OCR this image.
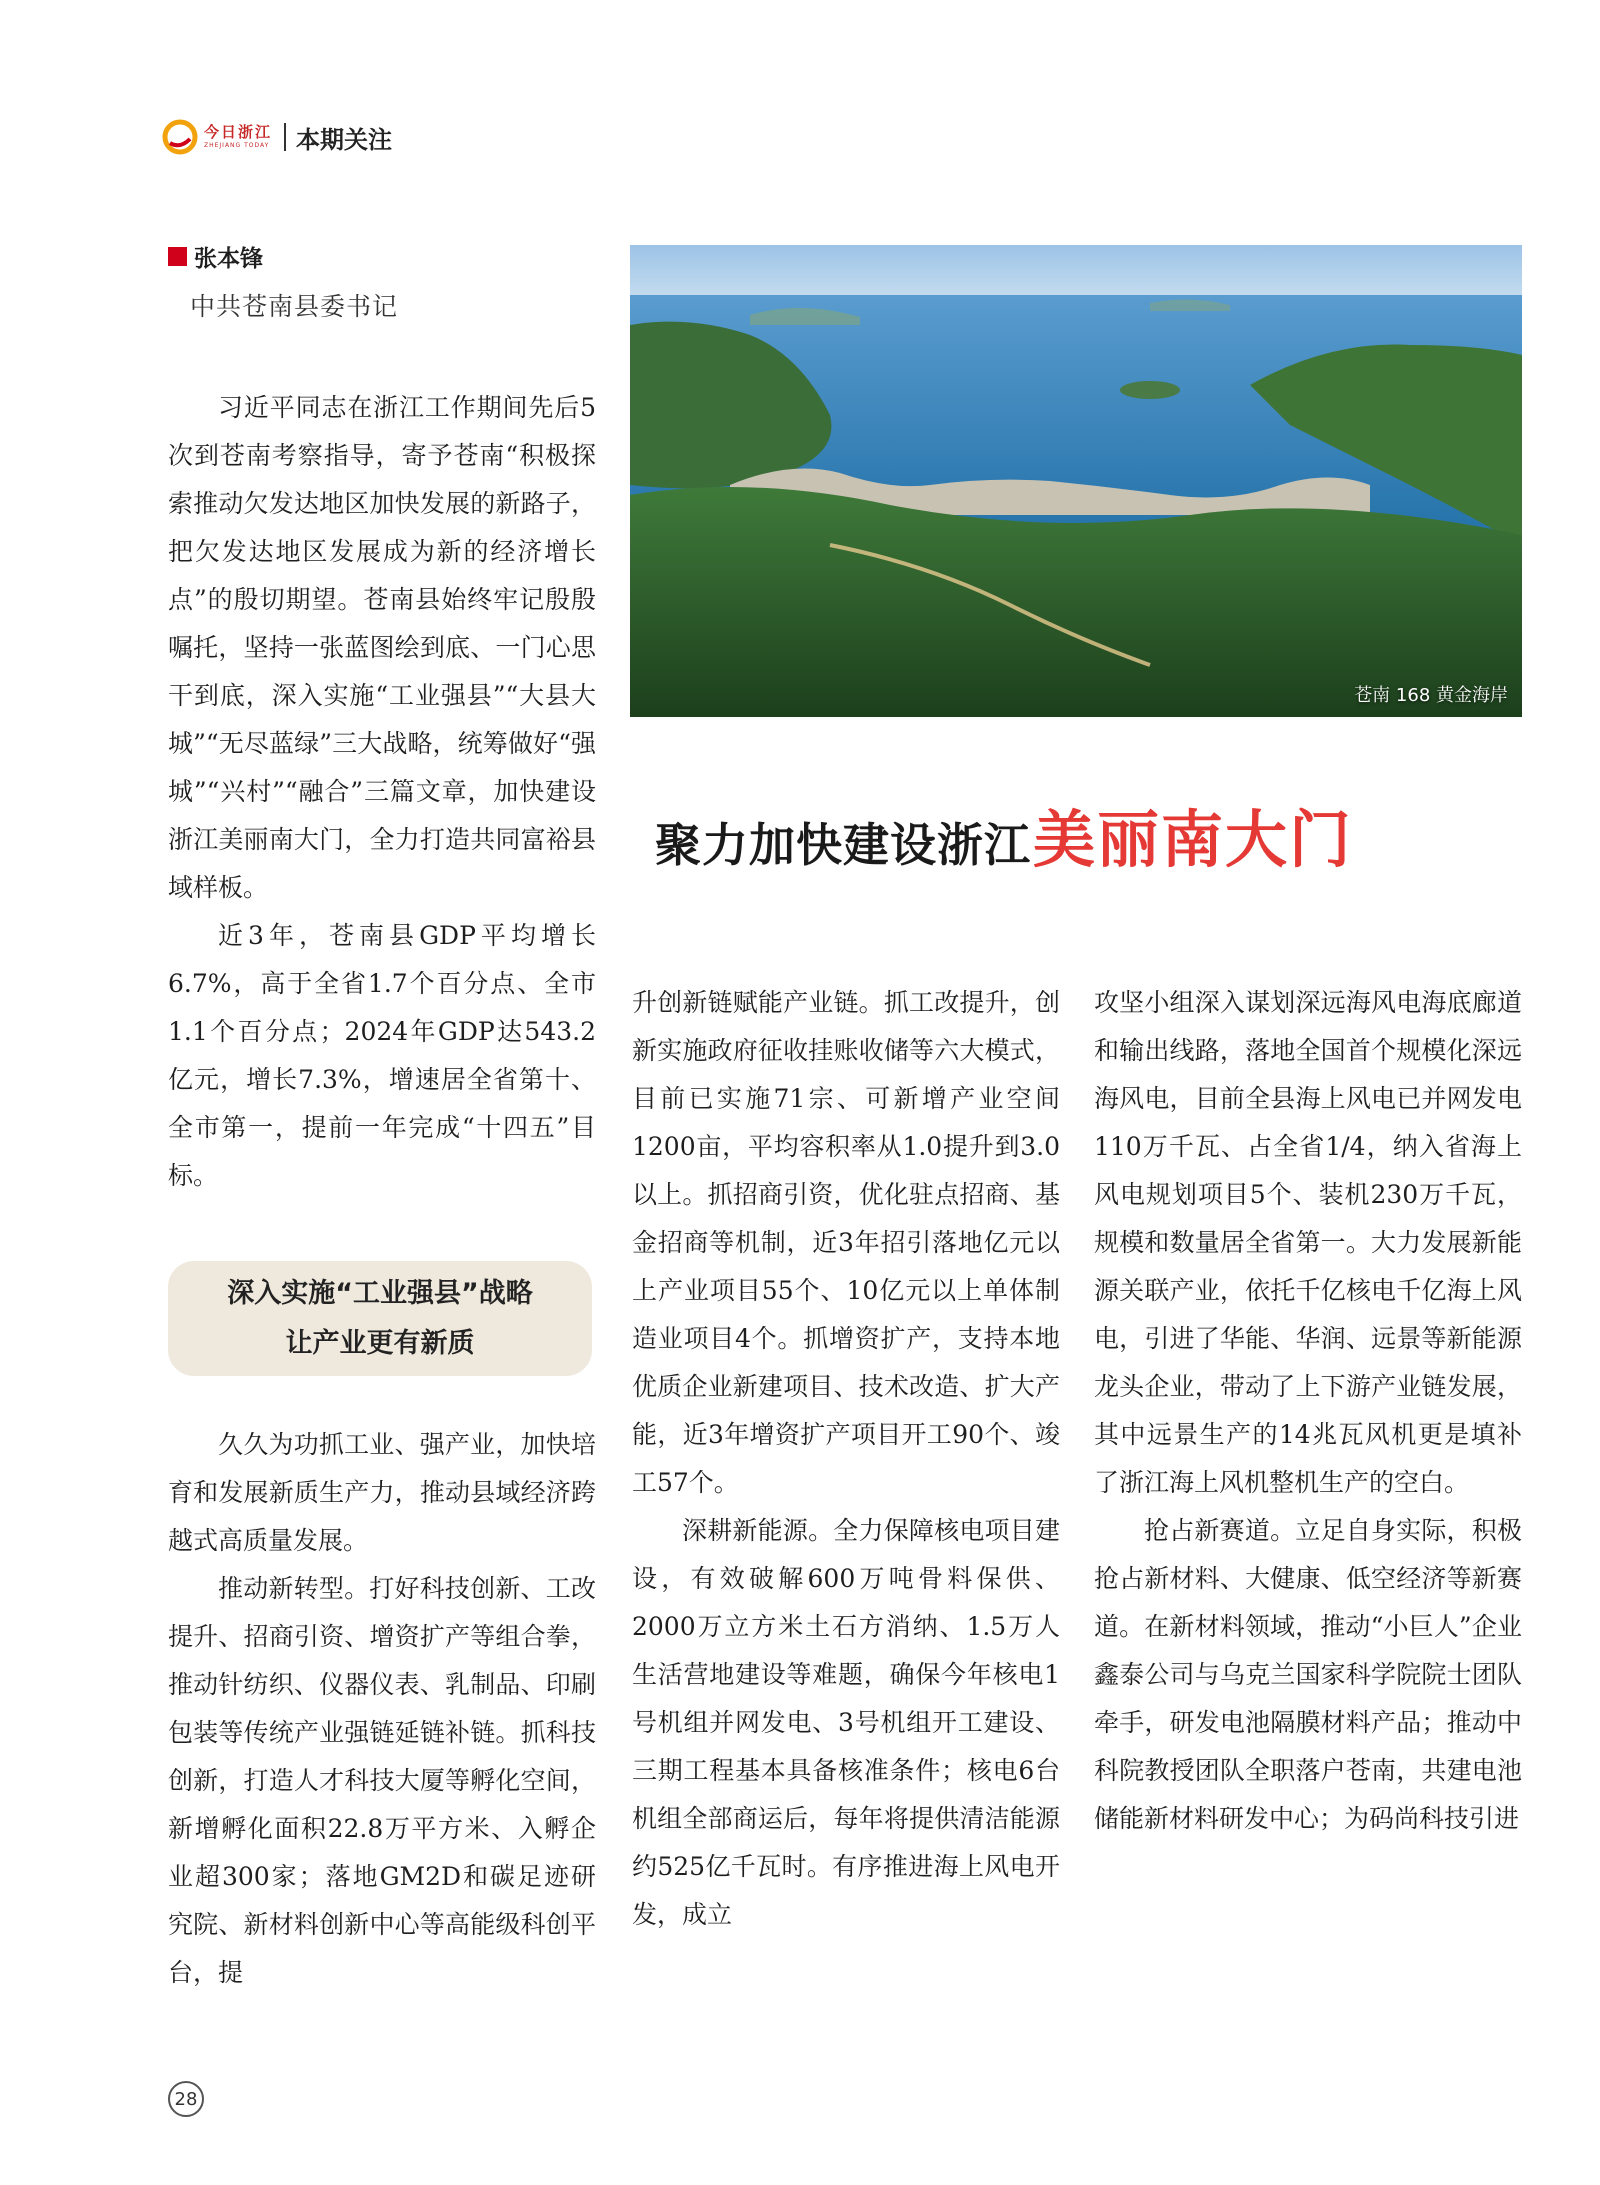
今日浙江
ZHEJIANG TODAY 本期关注
张本锋
中共苍南县委书记
苍南 168 黄金海岸
聚力加快建设浙江美丽南大门

习近平同志在浙江工作期间先后5次到苍南考察指导，寄予苍南“积极探索推动欠发达地区加快发展的新路子，把欠发达地区发展成为新的经济增长点”的殷切期望。苍南县始终牢记殷殷嘱托，坚持一张蓝图绘到底、一门心思干到底，深入实施“工业强县”“大县大城”“无尽蓝绿”三大战略，统筹做好“强城”“兴村”“融合”三篇文章，加快建设浙江美丽南大门，全力打造共同富裕县域样板。

近3年，苍南县GDP平均增长6.7%，高于全省1.7个百分点、全市1.1个百分点；2024年GDP达543.2亿元，增长7.3%，增速居全省第十、全市第一，提前一年完成“十四五”目标。

深入实施“工业强县”战略
让产业更有新质

久久为功抓工业、强产业，加快培育和发展新质生产力，推动县域经济跨越式高质量发展。

推动新转型。打好科技创新、工改提升、招商引资、增资扩产等组合拳，推动针纺织、仪器仪表、乳制品、印刷包装等传统产业强链延链补链。抓科技创新，打造人才科技大厦等孵化空间，新增孵化面积22.8万平方米、入孵企业超300家；落地GM2D和碳足迹研究院、新材料创新中心等高能级科创平台，提

升创新链赋能产业链。抓工改提升，创新实施政府征收挂账收储等六大模式，目前已实施71宗、可新增产业空间1200亩，平均容积率从1.0提升到3.0以上。抓招商引资，优化驻点招商、基金招商等机制，近3年招引落地亿元以上产业项目55个、10亿元以上单体制造业项目4个。抓增资扩产，支持本地优质企业新建项目、技术改造、扩大产能，近3年增资扩产项目开工90个、竣工57个。

深耕新能源。全力保障核电项目建设，有效破解600万吨骨料保供、2000万立方米土石方消纳、1.5万人生活营地建设等难题，确保今年核电1号机组并网发电、3号机组开工建设、三期工程基本具备核准条件；核电6台机组全部商运后，每年将提供清洁能源约525亿千瓦时。有序推进海上风电开发，成立

攻坚小组深入谋划深远海风电海底廊道和输出线路，落地全国首个规模化深远海风电，目前全县海上风电已并网发电110万千瓦、占全省1/4，纳入省海上风电规划项目5个、装机230万千瓦，规模和数量居全省第一。大力发展新能源关联产业，依托千亿核电千亿海上风电，引进了华能、华润、远景等新能源龙头企业，带动了上下游产业链发展，其中远景生产的14兆瓦风机更是填补了浙江海上风机整机生产的空白。

抢占新赛道。立足自身实际，积极抢占新材料、大健康、低空经济等新赛道。在新材料领域，推动“小巨人”企业鑫泰公司与乌克兰国家科学院院士团队牵手，研发电池隔膜材料产品；推动中科院教授团队全职落户苍南，共建电池储能新材料研发中心；为码尚科技引进

28
